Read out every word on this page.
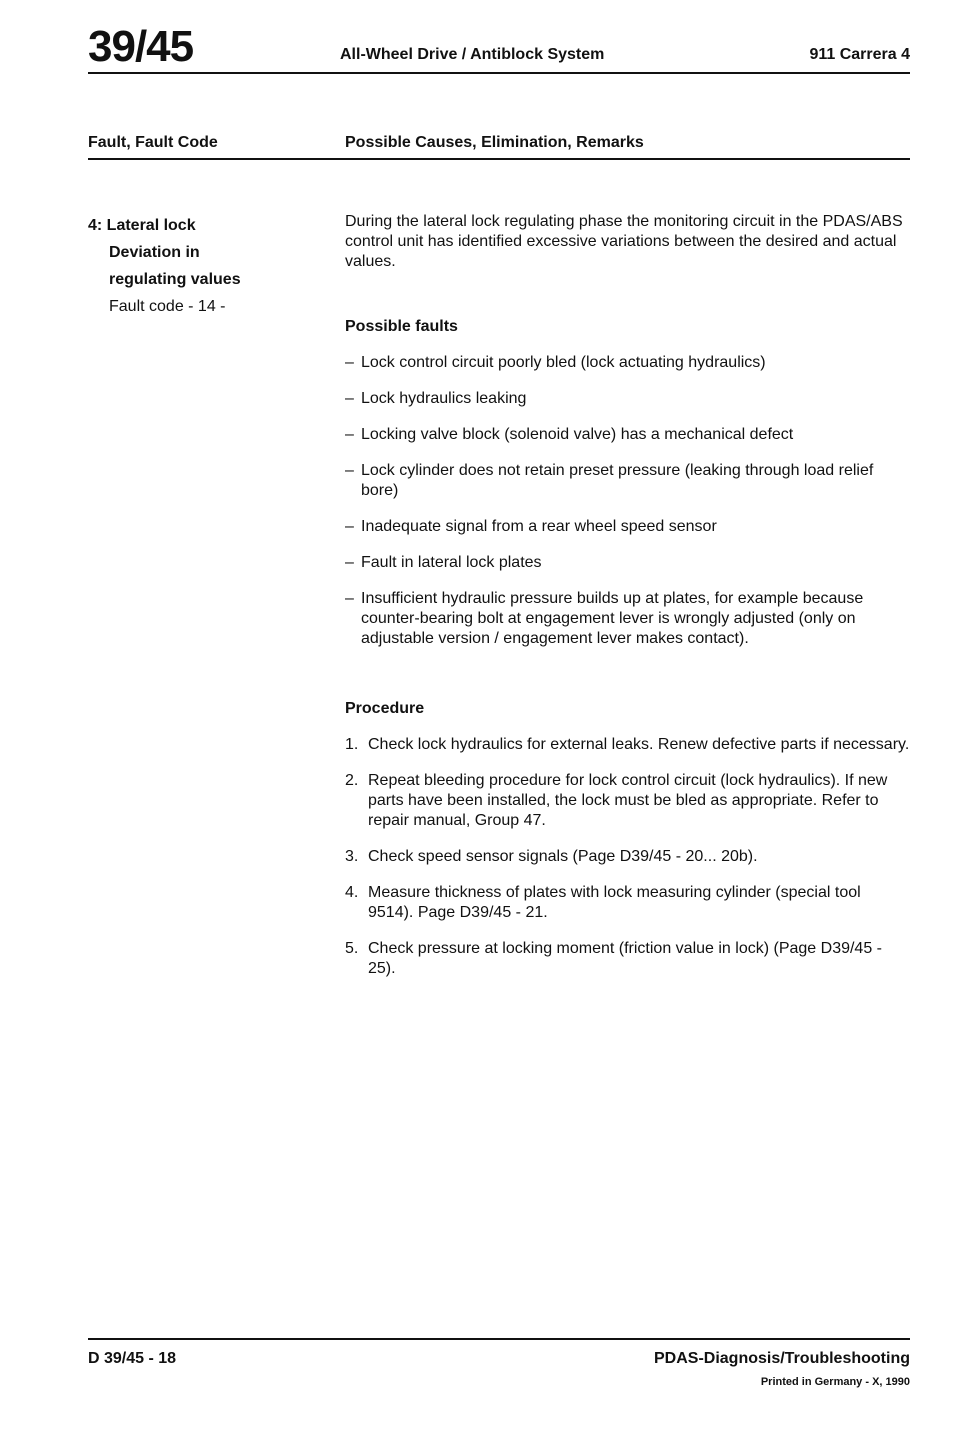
39/45	All-Wheel Drive / Antiblock System	911 Carrera 4
Fault, Fault Code	Possible Causes, Elimination, Remarks
4: Lateral lock
Deviation in
regulating values
Fault code - 14 -

During the lateral lock regulating phase the monitoring circuit in the PDAS/ABS control unit has identified excessive variations between the desired and actual values.

Possible faults

– Lock control circuit poorly bled (lock actuating hydraulics)
– Lock hydraulics leaking
– Locking valve block (solenoid valve) has a mechanical defect
– Lock cylinder does not retain preset pressure (leaking through load relief bore)
– Inadequate signal from a rear wheel speed sensor
– Fault in lateral lock plates
– Insufficient hydraulic pressure builds up at plates, for example because counter-bearing bolt at engagement lever is wrongly adjusted (only on adjustable version / engagement lever makes contact).

Procedure

1. Check lock hydraulics for external leaks. Renew defective parts if necessary.
2. Repeat bleeding procedure for lock control circuit (lock hydraulics). If new parts have been installed, the lock must be bled as appropriate. Refer to repair manual, Group 47.
3. Check speed sensor signals (Page D39/45 - 20... 20b).
4. Measure thickness of plates with lock measuring cylinder (special tool 9514). Page D39/45 - 21.
5. Check pressure at locking moment (friction value in lock) (Page D39/45 - 25).
D 39/45 - 18	PDAS-Diagnosis/Troubleshooting
Printed in Germany - X, 1990
